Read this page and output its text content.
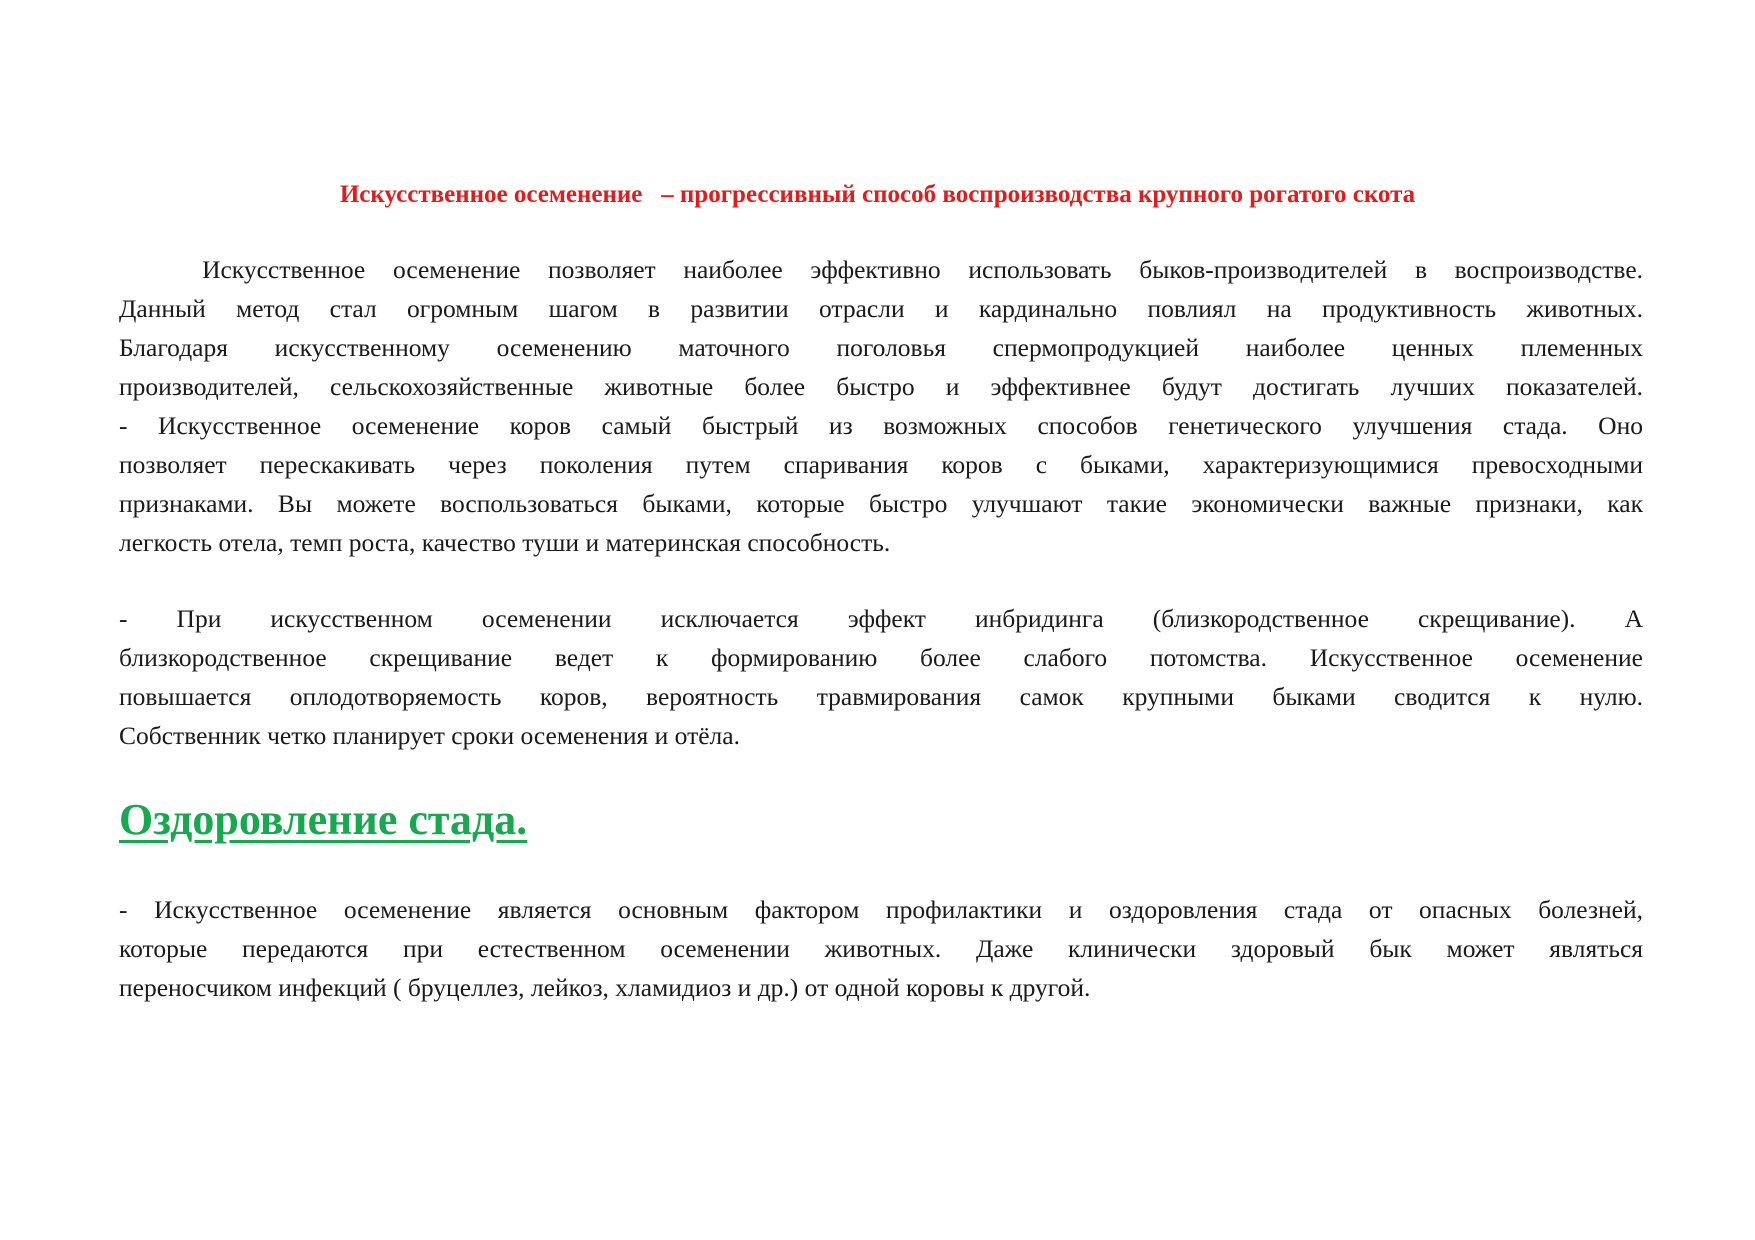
Искусственное осеменение   – прогрессивный способ воспроизводства крупного рогатого скота
Искусственное осеменение позволяет наиболее эффективно использовать быков-производителей в воспроизводстве.
Данный метод стал огромным шагом в развитии отрасли и кардинально повлиял на продуктивность животных.
Благодаря искусственному осеменению маточного поголовья спермопродукцией наиболее ценных племенных
производителей, сельскохозяйственные животные более быстро и эффективнее будут достигать лучших показателей.
- Искусственное осеменение коров самый быстрый из возможных способов генетического улучшения стада. Оно
позволяет перескакивать через поколения путем спаривания коров с быками, характеризующимися превосходными
признаками. Вы можете воспользоваться быками, которые быстро улучшают такие экономически важные признаки, как
легкость отела, темп роста, качество туши и материнская способность.
- При искусственном осеменении исключается эффект инбридинга (близкородственное скрещивание). А
близкородственное скрещивание ведет к формированию более слабого потомства. Искусственное осеменение
повышается оплодотворяемость коров, вероятность травмирования самок крупными быками сводится к нулю.
Собственник четко планирует сроки осеменения и отёла.
Оздоровление стада.
- Искусственное осеменение является основным фактором профилактики и оздоровления стада от опасных болезней,
которые передаются при естественном осеменении животных. Даже клинически здоровый бык может являться
переносчиком инфекций ( бруцеллез, лейкоз, хламидиоз и др.) от одной коровы к другой.
